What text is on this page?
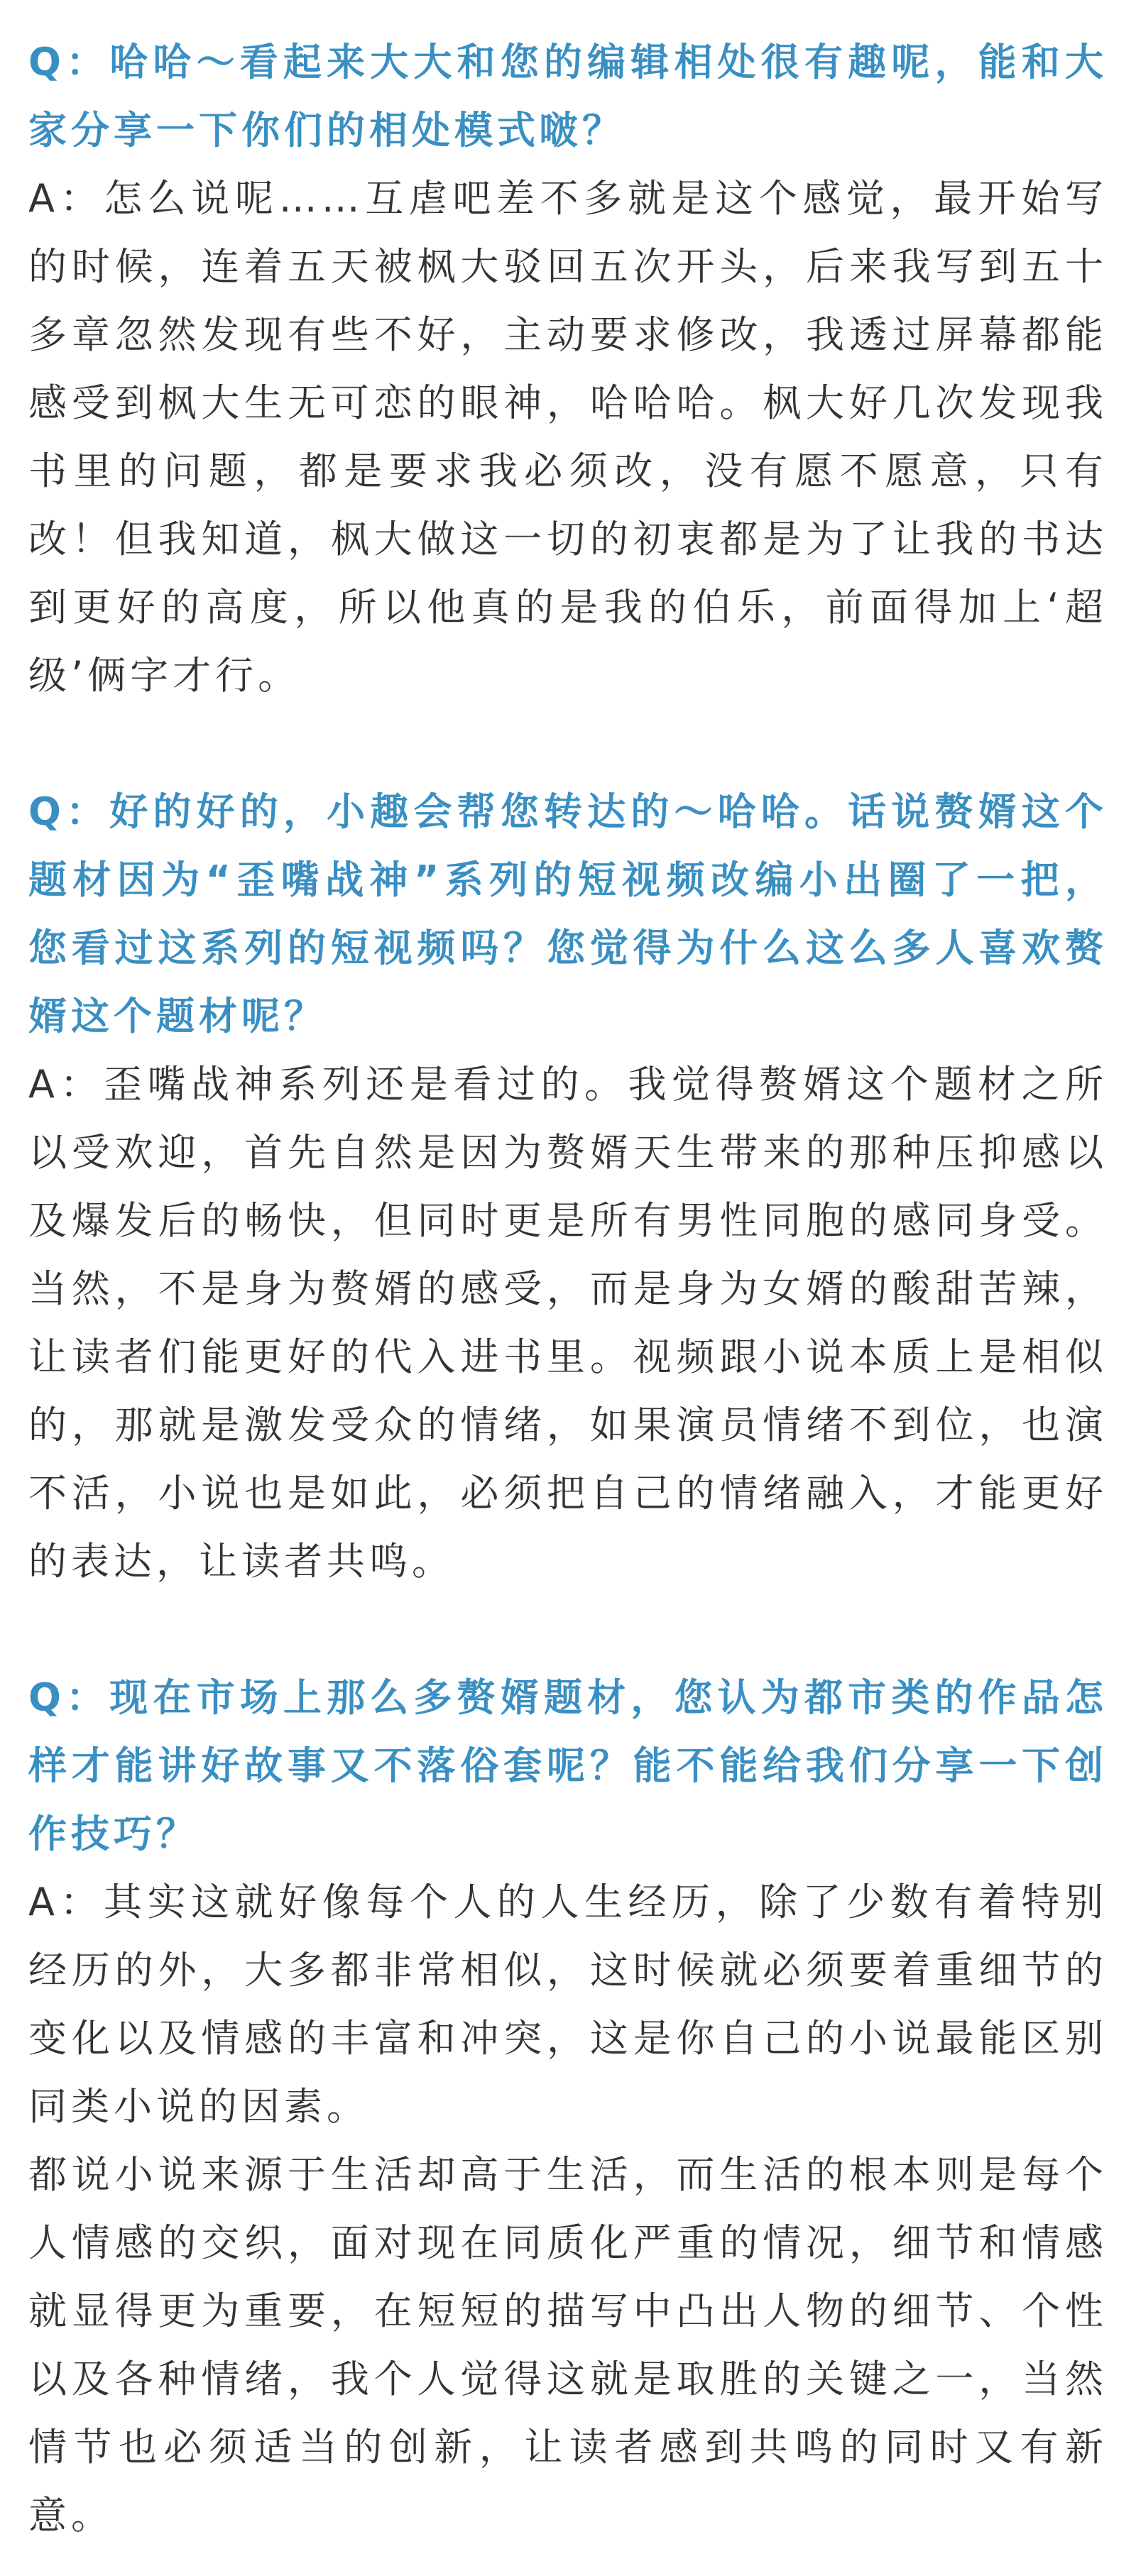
Q：哈哈～看起来大大和您的编辑相处很有趣呢，能和大家分享一下你们的相处模式啵？

A：怎么说呢……互虐吧差不多就是这个感觉，最开始写的时候，连着五天被枫大驳回五次开头，后来我写到五十多章忽然发现有些不好，主动要求修改，我透过屏幕都能感受到枫大生无可恋的眼神，哈哈哈。枫大好几次发现我书里的问题，都是要求我必须改，没有愿不愿意，只有改！但我知道，枫大做这一切的初衷都是为了让我的书达到更好的高度，所以他真的是我的伯乐，前面得加上‘超级’俩字才行。

Q：好的好的，小趣会帮您转达的～哈哈。话说赘婿这个题材因为“歪嘴战神”系列的短视频改编小出圈了一把，您看过这系列的短视频吗？您觉得为什么这么多人喜欢赘婿这个题材呢？

A：歪嘴战神系列还是看过的。我觉得赘婿这个题材之所以受欢迎，首先自然是因为赘婿天生带来的那种压抑感以及爆发后的畅快，但同时更是所有男性同胞的感同身受。当然，不是身为赘婿的感受，而是身为女婿的酸甜苦辣，让读者们能更好的代入进书里。视频跟小说本质上是相似的，那就是激发受众的情绪，如果演员情绪不到位，也演不活，小说也是如此，必须把自己的情绪融入，才能更好的表达，让读者共鸣。

Q：现在市场上那么多赘婿题材，您认为都市类的作品怎样才能讲好故事又不落俗套呢？能不能给我们分享一下创作技巧？

A：其实这就好像每个人的人生经历，除了少数有着特别经历的外，大多都非常相似，这时候就必须要着重细节的变化以及情感的丰富和冲突，这是你自己的小说最能区别同类小说的因素。

都说小说来源于生活却高于生活，而生活的根本则是每个人情感的交织，面对现在同质化严重的情况，细节和情感就显得更为重要，在短短的描写中凸出人物的细节、个性以及各种情绪，我个人觉得这就是取胜的关键之一，当然情节也必须适当的创新，让读者感到共鸣的同时又有新意。
